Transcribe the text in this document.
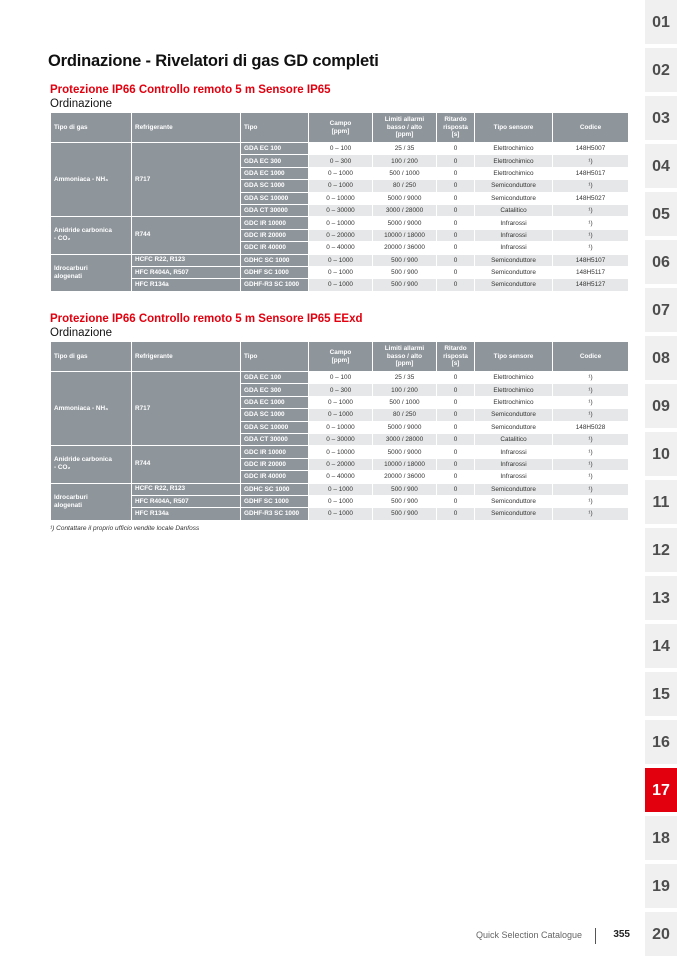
Ordinazione - Rivelatori di gas GD completi
Protezione IP66 Controllo remoto 5 m Sensore IP65
Ordinazione
Tipo di gas	Refrigerante	Tipo	Campo
[ppm]	Limiti allarmi
basso / alto
[ppm]	Ritardo
risposta
[s]	Tipo sensore	Codice
Ammoniaca - NH₃	R717	GDA EC 100	0 – 100	25 / 35	0	Elettrochimico	148H5007
		GDA EC 300	0 – 300	100 / 200	0	Elettrochimico	¹)
		GDA EC 1000	0 – 1000	500 / 1000	0	Elettrochimico	148H5017
		GDA SC 1000	0 – 1000	80 / 250	0	Semiconduttore	¹)
		GDA SC 10000	0 – 10000	5000 / 9000	0	Semiconduttore	148H5027
		GDA CT 30000	0 – 30000	3000 / 28000	0	Catalitico	¹)
Anidride carbonica
- CO₂	R744	GDC IR 10000	0 – 10000	5000 / 9000	0	Infrarossi	¹)
		GDC IR 20000	0 – 20000	10000 / 18000	0	Infrarossi	¹)
		GDC IR 40000	0 – 40000	20000 / 36000	0	Infrarossi	¹)
Idrocarburi
alogenati	HCFC R22, R123	GDHC SC 1000	0 – 1000	500 / 900	0	Semiconduttore	148H5107
	HFC R404A, R507	GDHF SC 1000	0 – 1000	500 / 900	0	Semiconduttore	148H5117
	HFC R134a	GDHF-R3 SC 1000	0 – 1000	500 / 900	0	Semiconduttore	148H5127
Protezione IP66 Controllo remoto 5 m Sensore IP65 EExd
Ordinazione
Tipo di gas	Refrigerante	Tipo	Campo
[ppm]	Limiti allarmi
basso / alto
[ppm]	Ritardo
risposta
[s]	Tipo sensore	Codice
Ammoniaca - NH₃	R717	GDA EC 100	0 – 100	25 / 35	0	Elettrochimico	¹)
		GDA EC 300	0 – 300	100 / 200	0	Elettrochimico	¹)
		GDA EC 1000	0 – 1000	500 / 1000	0	Elettrochimico	¹)
		GDA SC 1000	0 – 1000	80 / 250	0	Semiconduttore	¹)
		GDA SC 10000	0 – 10000	5000 / 9000	0	Semiconduttore	148H5028
		GDA CT 30000	0 – 30000	3000 / 28000	0	Catalitico	¹)
Anidride carbonica
- CO₂	R744	GDC IR 10000	0 – 10000	5000 / 9000	0	Infrarossi	¹)
		GDC IR 20000	0 – 20000	10000 / 18000	0	Infrarossi	¹)
		GDC IR 40000	0 – 40000	20000 / 36000	0	Infrarossi	¹)
Idrocarburi
alogenati	HCFC R22, R123	GDHC SC 1000	0 – 1000	500 / 900	0	Semiconduttore	¹)
	HFC R404A, R507	GDHF SC 1000	0 – 1000	500 / 900	0	Semiconduttore	¹)
	HFC R134a	GDHF-R3 SC 1000	0 – 1000	500 / 900	0	Semiconduttore	¹)
¹) Contattare il proprio ufficio vendite locale Danfoss
01
02
03
04
05
06
07
08
09
10
11
12
13
14
15
16
17
18
19
20
Quick Selection Catalogue	355
